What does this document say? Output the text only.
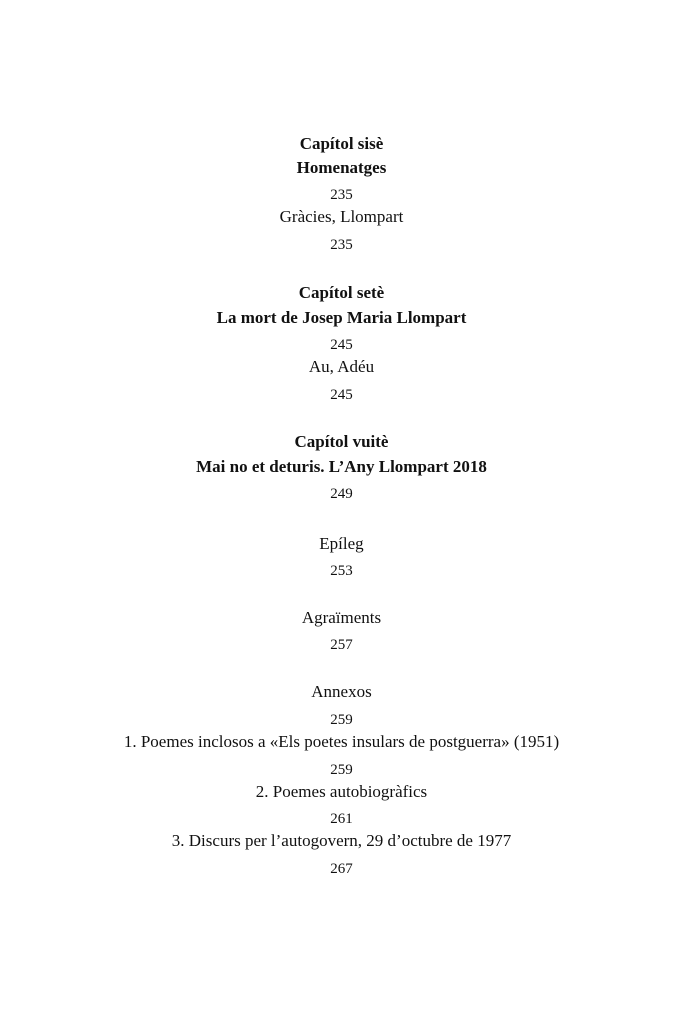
Capítol sisè
Homenatges
235
Gràcies, Llompart
235
Capítol setè
La mort de Josep Maria Llompart
245
Au, Adéu
245
Capítol vuitè
Mai no et deturis. L’Any Llompart 2018
249
Epíleg
253
Agraïments
257
Annexos
259
1. Poemes inclosos a «Els poetes insulars de postguerra» (1951)
259
2. Poemes autobiogràfics
261
3. Discurs per l’autogovern, 29 d’octubre de 1977
267
